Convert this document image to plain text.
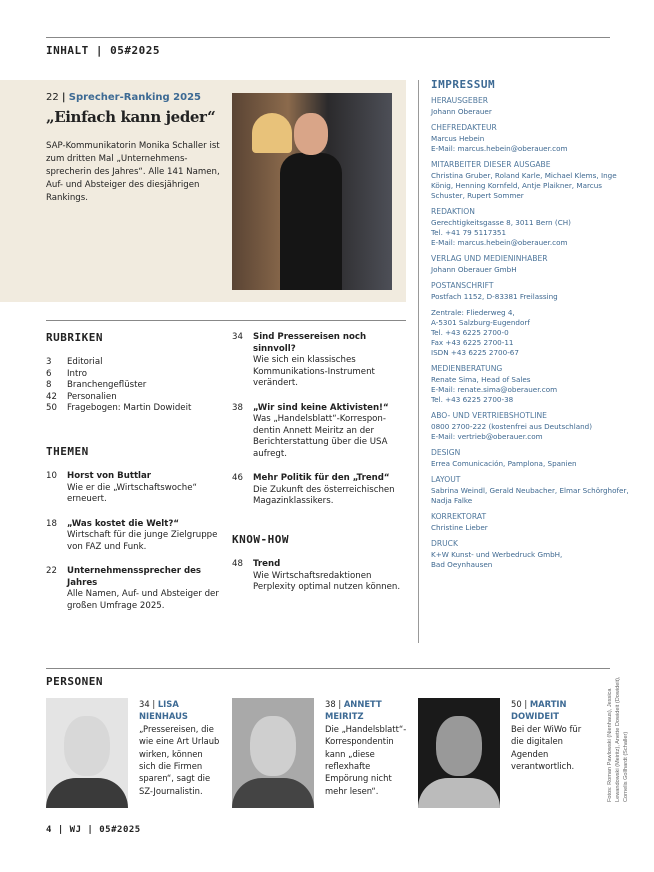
INHALT | 05#2025
22 | Sprecher-Ranking 2025
„Einfach kann jeder“

SAP-Kommunikatorin Monika Schaller ist zum dritten Mal „Unternehmens-sprecherin des Jahres“. Alle 141 Namen, Auf- und Absteiger des diesjährigen Rankings.

IMPRESSUM
HERAUSGEBER
Johann Oberauer
CHEFREDAKTEUR
Marcus Hebein
E-Mail: marcus.hebein@oberauer.com
MITARBEITER DIESER AUSGABE
Christina Gruber, Roland Karle, Michael Klems, Inge König, Henning Kornfeld, Antje Plaikner, Marcus Schuster, Rupert Sommer
REDAKTION
Gerechtigkeitsgasse 8, 3011 Bern (CH)
Tel. +41 79 5117351
E-Mail: marcus.hebein@oberauer.com
VERLAG UND MEDIENINHABER
Johann Oberauer GmbH
POSTANSCHRIFT
Postfach 1152, D-83381 Freilassing
Zentrale: Fliederweg 4,
A-5301 Salzburg-Eugendorf
Tel. +43 6225 2700-0
Fax +43 6225 2700-11
ISDN +43 6225 2700-67
MEDIENBERATUNG
Renate Sima, Head of Sales
E-Mail: renate.sima@oberauer.com
Tel. +43 6225 2700-38
ABO- UND VERTRIEBSHOTLINE
0800 2700-222 (kostenfrei aus Deutschland)
E-Mail: vertrieb@oberauer.com
DESIGN
Errea Comunicación, Pamplona, Spanien
LAYOUT
Sabrina Weindl, Gerald Neubacher, Elmar Schörghofer, Nadja Falke
KORREKTORAT
Christine Lieber
DRUCK
K+W Kunst- und Werbedruck GmbH,
Bad Oeynhausen
RUBRIKEN
3	Editorial
6	Intro
8	Branchengeflüster
42	Personalien
50	Fragebogen: Martin Dowideit
THEMEN
10	Horst von Buttlar
Wie er die „Wirtschaftswoche“ erneuert.
18	„Was kostet die Welt?“
Wirtschaft für die junge Zielgruppe von FAZ und Funk.
22	Unternehmenssprecher des Jahres
Alle Namen, Auf- und Absteiger der großen Umfrage 2025.
34	Sind Pressereisen noch sinnvoll?
Wie sich ein klassisches Kommunikations-Instrument verändert.
38	„Wir sind keine Aktivisten!“
Was „Handelsblatt“-Korrespon-dentin Annett Meiritz an der Berichterstattung über die USA aufregt.
46	Mehr Politik für den „Trend“
Die Zukunft des österreichischen Magazinklassikers.
KNOW-HOW
48	Trend
Wie Wirtschaftsredaktionen Perplexity optimal nutzen können.
PERSONEN
34 | LISA NIENHAUS
„Pressereisen, die wie eine Art Urlaub wirken, können sich die Firmen sparen“, sagt die SZ-Journalistin.
38 | ANNETT MEIRITZ
Die „Handelsblatt“-Korrespondentin kann „diese reflexhafte Empörung nicht mehr lesen“.
50 | MARTIN DOWIDEIT
Bei der WiWo für die digitalen Agenden verantwortlich.	Fotos: Roman Pawlowski (Nienhaus), Jessica Lewandowski (Meiritz), Anette Dowideit (Dowideit), Cornelis Gollhardt (Schaller)
4 | WJ | 05#2025
